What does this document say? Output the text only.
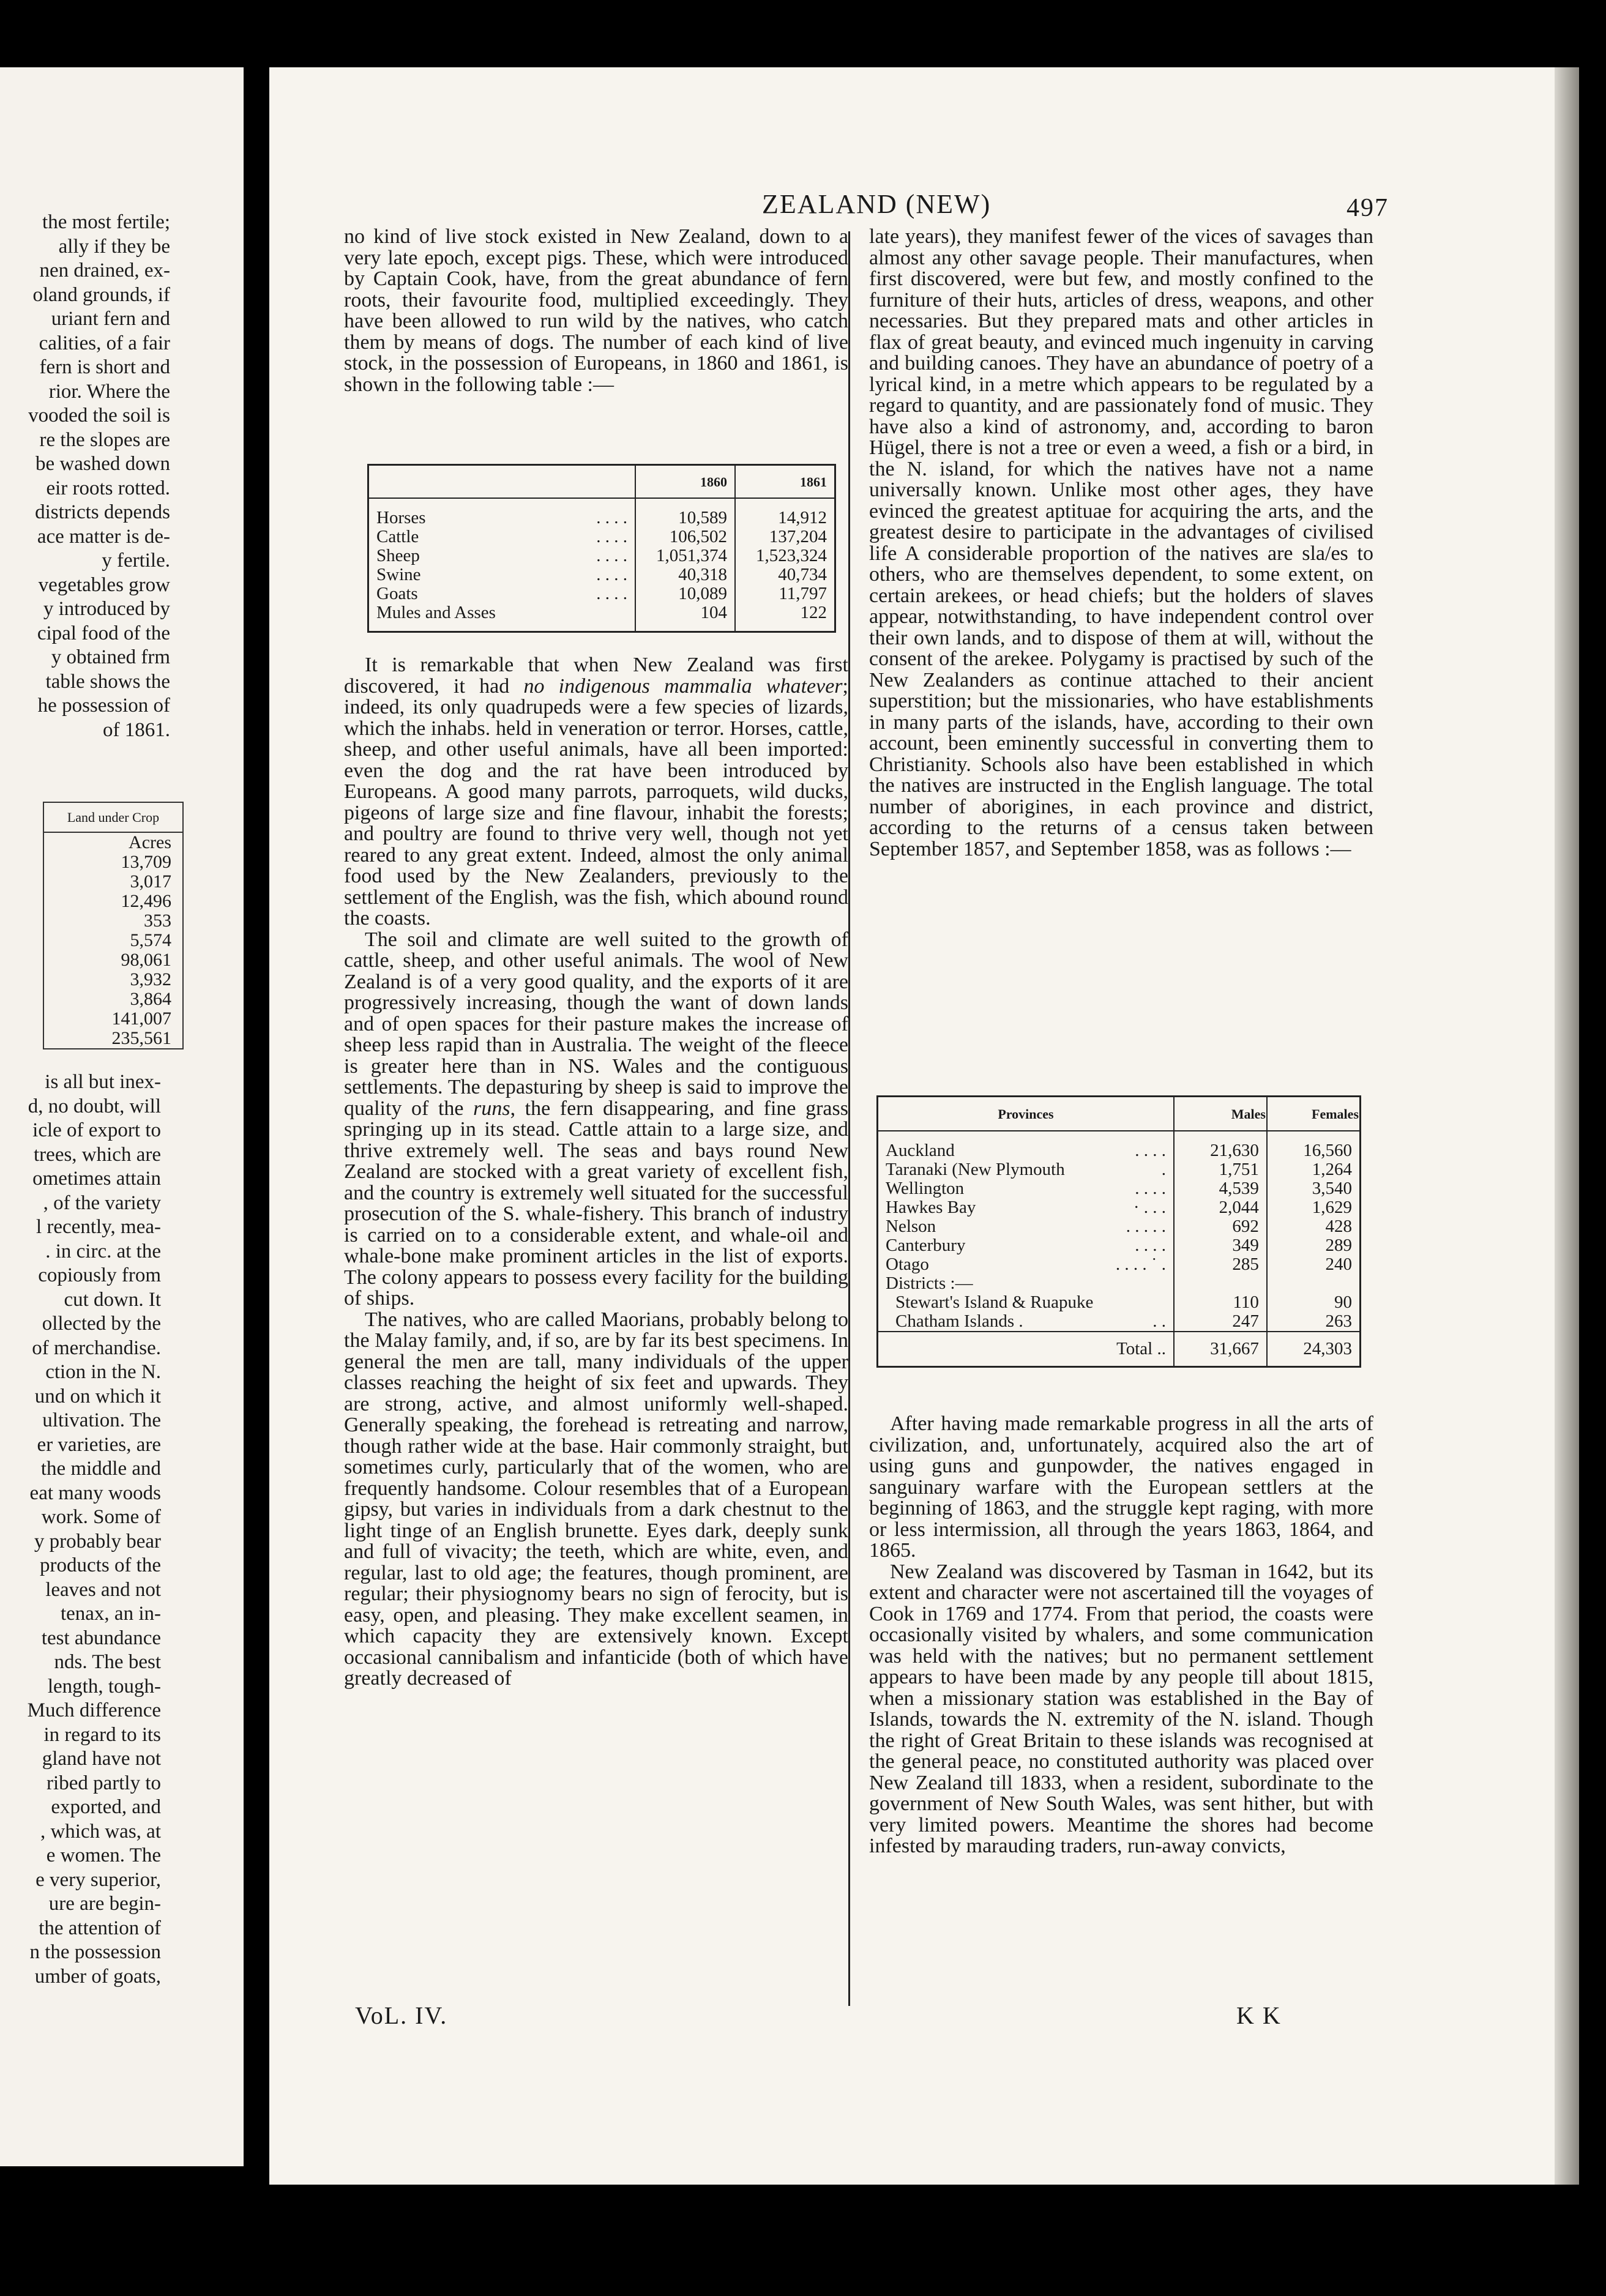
the most fertile;
ally if they be
nen drained, ex-
oland grounds, if
uriant fern and
calities, of a fair
fern is short and
rior. Where the
vooded the soil is
re the slopes are
be washed down
eir roots rotted.
districts depends
ace matter is de-
y fertile.
vegetables grow
y introduced by
cipal food of the
y obtained frm
table shows the
he possession of
of 1861.
Land under Crop
Acres
13,709
3,017
12,496
353
5,574
98,061
3,932
3,864
141,007
235,561
is all but inex-
d, no doubt, will
icle of export to
trees, which are
ometimes attain
, of the variety
l recently, mea-
. in circ. at the
copiously from
cut down. It
ollected by the
of merchandise.
ction in the N.
und on which it
ultivation. The
er varieties, are
the middle and
eat many woods
work. Some of
y probably bear
products of the
leaves and not
tenax, an in-
test abundance
nds. The best
length, tough-
Much difference
in regard to its
gland have not
ribed partly to
exported, and
, which was, at
e women. The
e very superior,
ure are begin-
the attention of
n the possession
umber of goats,
ZEALAND (NEW)	497

no kind of live stock existed in New Zealand, down to a very late epoch, except pigs. These, which were introduced by Captain Cook, have, from the great abundance of fern roots, their favourite food, multiplied exceedingly. They have been allowed to run wild by the natives, who catch them by means of dogs. The number of each kind of live stock, in the possession of Europeans, in 1860 and 1861, is shown in the following table :—

	1860	1861
Horses . . . .	10,589	14,912
Cattle . . . .	106,502	137,204
Sheep . . . .	1,051,374	1,523,324
Swine . . . .	40,318	40,734
Goats . . . .	10,089	11,797
Mules and Asses	104	122

It is remarkable that when New Zealand was first discovered, it had no indigenous mammalia whatever; indeed, its only quadrupeds were a few species of lizards, which the inhabs. held in veneration or terror. Horses, cattle, sheep, and other useful animals, have all been imported: even the dog and the rat have been introduced by Europeans. A good many parrots, parroquets, wild ducks, pigeons of large size and fine flavour, inhabit the forests; and poultry are found to thrive very well, though not yet reared to any great extent. Indeed, almost the only animal food used by the New Zealanders, previously to the settlement of the English, was the fish, which abound round the coasts.

The soil and climate are well suited to the growth of cattle, sheep, and other useful animals. The wool of New Zealand is of a very good quality, and the exports of it are progressively increasing, though the want of down lands and of open spaces for their pasture makes the increase of sheep less rapid than in Australia. The weight of the fleece is greater here than in NS. Wales and the contiguous settlements. The depasturing by sheep is said to improve the quality of the runs, the fern disappearing, and fine grass springing up in its stead. Cattle attain to a large size, and thrive extremely well. The seas and bays round New Zealand are stocked with a great variety of excellent fish, and the country is extremely well situated for the successful prosecution of the S. whale-fishery. This branch of industry is carried on to a considerable extent, and whale-oil and whale-bone make prominent articles in the list of exports. The colony appears to possess every facility for the building of ships.

The natives, who are called Maorians, probably belong to the Malay family, and, if so, are by far its best specimens. In general the men are tall, many individuals of the upper classes reaching the height of six feet and upwards. They are strong, active, and almost uniformly well-shaped. Generally speaking, the forehead is retreating and narrow, though rather wide at the base. Hair commonly straight, but sometimes curly, particularly that of the women, who are frequently handsome. Colour resembles that of a European gipsy, but varies in individuals from a dark chestnut to the light tinge of an English brunette. Eyes dark, deeply sunk and full of vivacity; the teeth, which are white, even, and regular, last to old age; the features, though prominent, are regular; their physiognomy bears no sign of ferocity, but is easy, open, and pleasing. They make excellent seamen, in which capacity they are extensively known. Except occasional cannibalism and infanticide (both of which have greatly decreased of

late years), they manifest fewer of the vices of savages than almost any other savage people. Their manufactures, when first discovered, were but few, and mostly confined to the furniture of their huts, articles of dress, weapons, and other necessaries. But they prepared mats and other articles in flax of great beauty, and evinced much ingenuity in carving and building canoes. They have an abundance of poetry of a lyrical kind, in a metre which appears to be regulated by a regard to quantity, and are passionately fond of music. They have also a kind of astronomy, and, according to baron Hügel, there is not a tree or even a weed, a fish or a bird, in the N. island, for which the natives have not a name universally known. Unlike most other ages, they have evinced the greatest aptituae for acquiring the arts, and the greatest desire to participate in the advantages of civilised life A considerable proportion of the natives are sla/es to others, who are themselves dependent, to some extent, on certain arekees, or head chiefs; but the holders of slaves appear, notwithstanding, to have independent control over their own lands, and to dispose of them at will, without the consent of the arekee. Polygamy is practised by such of the New Zealanders as continue attached to their ancient superstition; but the missionaries, who have establishments in many parts of the islands, have, according to their own account, been eminently successful in converting them to Christianity. Schools also have been established in which the natives are instructed in the English language. The total number of aborigines, in each province and district, according to the returns of a census taken between September 1857, and September 1858, was as follows :—

Provinces	Males	Females
Auckland . . . .	21,630	16,560
Taranaki (New Plymouth .	1,751	1,264
Wellington . . . .	4,539	3,540
Hawkes Bay · . . .	2,044	1,629
Nelson . . . . .	692	428
Canterbury . . . .	349	289
Otago . . . . ˙ .	285	240
Districts :—

Stewart's Island & Ruapuke	110	90
Chatham Islands . . .	247	263
Total . .	31,667	24,303

After having made remarkable progress in all the arts of civilization, and, unfortunately, acquired also the art of using guns and gunpowder, the natives engaged in sanguinary warfare with the European settlers at the beginning of 1863, and the struggle kept raging, with more or less intermission, all through the years 1863, 1864, and 1865.

New Zealand was discovered by Tasman in 1642, but its extent and character were not ascertained till the voyages of Cook in 1769 and 1774. From that period, the coasts were occasionally visited by whalers, and some communication was held with the natives; but no permanent settlement appears to have been made by any people till about 1815, when a missionary station was established in the Bay of Islands, towards the N. extremity of the N. island. Though the right of Great Britain to these islands was recognised at the general peace, no constituted authority was placed over New Zealand till 1833, when a resident, subordinate to the government of New South Wales, was sent hither, but with very limited powers. Meantime the shores had become infested by marauding traders, run-away convicts,

VoL. IV.	K K
